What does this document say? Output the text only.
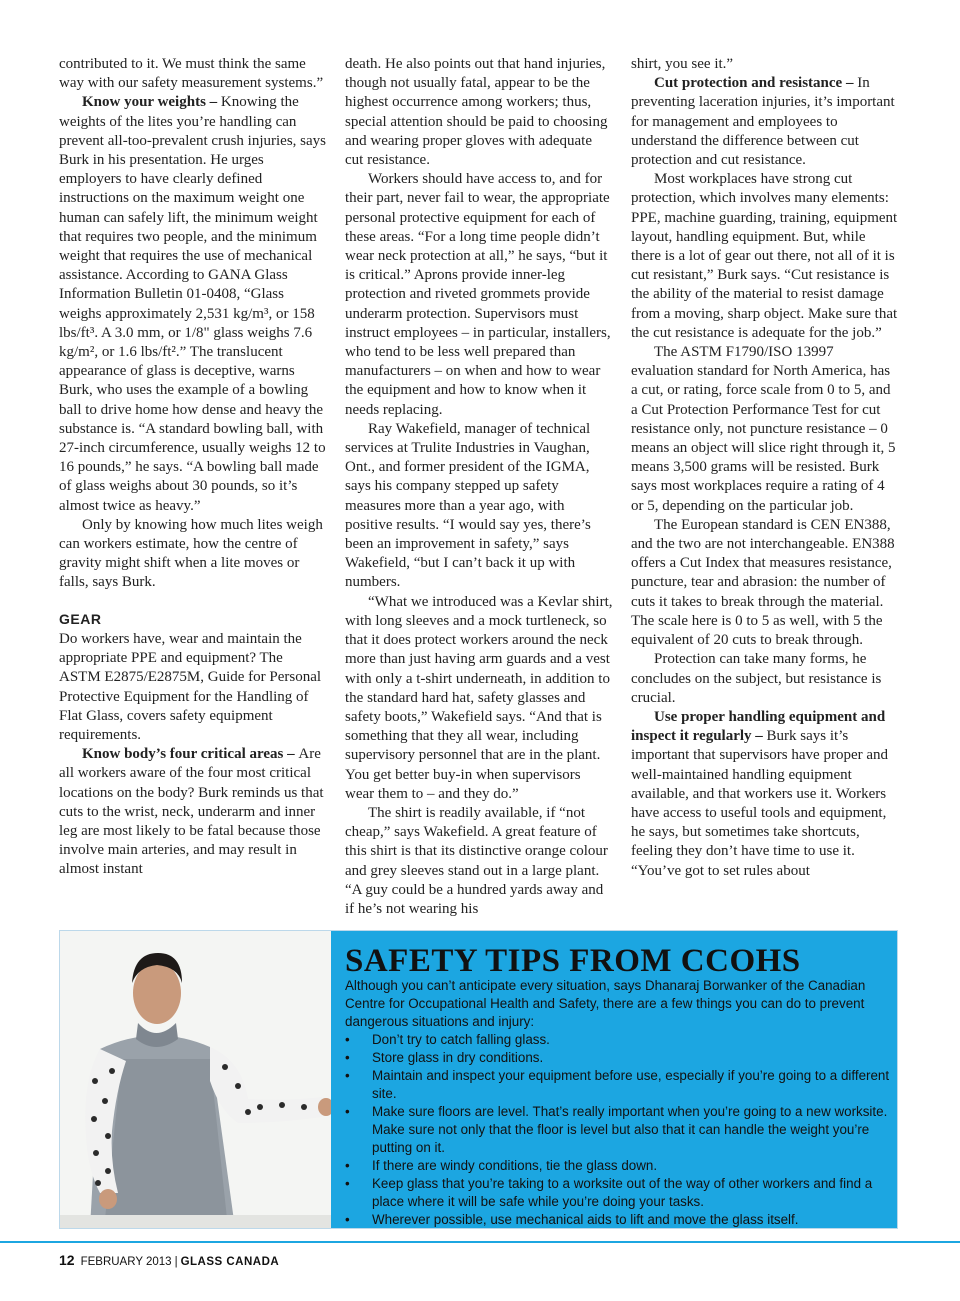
contributed to it. We must think the same way with our safety measurement systems.”

Know your weights – Knowing the weights of the lites you’re handling can prevent all-too-prevalent crush injuries, says Burk in his presentation. He urges employers to have clearly defined instructions on the maximum weight one human can safely lift, the minimum weight that requires two people, and the minimum weight that requires the use of mechanical assistance. According to GANA Glass Information Bulletin 01-0408, “Glass weighs approximately 2,531 kg/m³, or 158 lbs/ft³. A 3.0 mm, or 1/8" glass weighs 7.6 kg/m², or 1.6 lbs/ft².” The translucent appearance of glass is deceptive, warns Burk, who uses the example of a bowling ball to drive home how dense and heavy the substance is. “A standard bowling ball, with 27-inch circumference, usually weighs 12 to 16 pounds,” he says. “A bowling ball made of glass weighs about 30 pounds, so it’s almost twice as heavy.”

Only by knowing how much lites weigh can workers estimate, how the centre of gravity might shift when a lite moves or falls, says Burk.

GEAR

Do workers have, wear and maintain the appropriate PPE and equipment? The ASTM E2875/E2875M, Guide for Personal Protective Equipment for the Handling of Flat Glass, covers safety equipment requirements.

Know body’s four critical areas – Are all workers aware of the four most critical locations on the body? Burk reminds us that cuts to the wrist, neck, underarm and inner leg are most likely to be fatal because those involve main arteries, and may result in almost instant

death. He also points out that hand injuries, though not usually fatal, appear to be the highest occurrence among workers; thus, special attention should be paid to choosing and wearing proper gloves with adequate cut resistance.

Workers should have access to, and for their part, never fail to wear, the appropriate personal protective equipment for each of these areas. “For a long time people didn’t wear neck protection at all,” he says, “but it is critical.” Aprons provide inner-leg protection and riveted grommets provide underarm protection. Supervisors must instruct employees – in particular, installers, who tend to be less well prepared than manufacturers – on when and how to wear the equipment and how to know when it needs replacing.

Ray Wakefield, manager of technical services at Trulite Industries in Vaughan, Ont., and former president of the IGMA, says his company stepped up safety measures more than a year ago, with positive results. “I would say yes, there’s been an improvement in safety,” says Wakefield, “but I can’t back it up with numbers.

“What we introduced was a Kevlar shirt, with long sleeves and a mock turtleneck, so that it does protect workers around the neck more than just having arm guards and a vest with only a t-shirt underneath, in addition to the standard hard hat, safety glasses and safety boots,” Wakefield says. “And that is something that they all wear, including supervisory personnel that are in the plant. You get better buy-in when supervisors wear them to – and they do.”

The shirt is readily available, if “not cheap,” says Wakefield. A great feature of this shirt is that its distinctive orange colour and grey sleeves stand out in a large plant. “A guy could be a hundred yards away and if he’s not wearing his

shirt, you see it.”

Cut protection and resistance – In preventing laceration injuries, it’s important for management and employees to understand the difference between cut protection and cut resistance.

Most workplaces have strong cut protection, which involves many elements: PPE, machine guarding, training, equipment layout, handling equipment. But, while there is a lot of gear out there, not all of it is cut resistant,” Burk says. “Cut resistance is the ability of the material to resist damage from a moving, sharp object. Make sure that the cut resistance is adequate for the job.”

The ASTM F1790/ISO 13997 evaluation standard for North America, has a cut, or rating, force scale from 0 to 5, and a Cut Protection Performance Test for cut resistance only, not puncture resistance – 0 means an object will slice right through it, 5 means 3,500 grams will be resisted. Burk says most workplaces require a rating of 4 or 5, depending on the particular job.

The European standard is CEN EN388, and the two are not interchangeable. EN388 offers a Cut Index that measures resistance, puncture, tear and abrasion: the number of cuts it takes to break through the material. The scale here is 0 to 5 as well, with 5 the equivalent of 20 cuts to break through.

Protection can take many forms, he concludes on the subject, but resistance is crucial.

Use proper handling equipment and inspect it regularly – Burk says it’s important that supervisors have proper and well-maintained handling equipment available, and that workers use it. Workers have access to useful tools and equipment, he says, but sometimes take shortcuts, feeling they don’t have time to use it. “You’ve got to set rules about

SAFETY TIPS FROM CCOHS

Although you can’t anticipate every situation, says Dhanaraj Borwanker of the Canadian Centre for Occupational Health and Safety, there are a few things you can do to prevent dangerous situations and injury:

• Don’t try to catch falling glass.
• Store glass in dry conditions.
• Maintain and inspect your equipment before use, especially if you’re going to a different site.
• Make sure floors are level. That’s really important when you’re going to a new worksite. Make sure not only that the floor is level but also that it can handle the weight you’re putting on it.
• If there are windy conditions, tie the glass down.
• Keep glass that you’re taking to a worksite out of the way of other workers and find a place where it will be safe while you’re doing your tasks.
• Wherever possible, use mechanical aids to lift and move the glass itself.
12 FEBRUARY 2013 | GLASS CANADA
